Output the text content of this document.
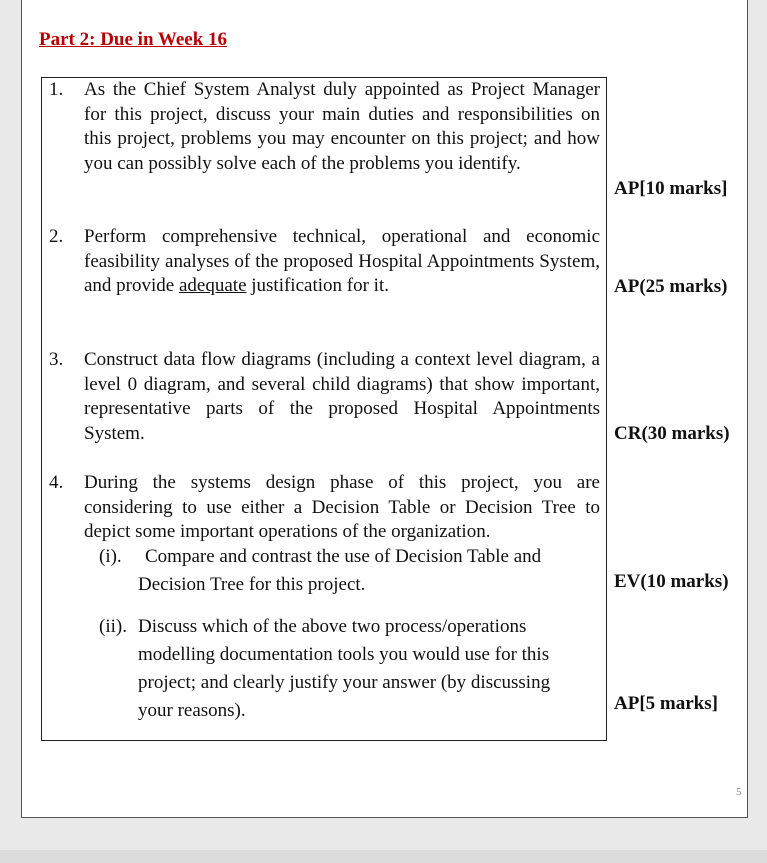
Part 2: Due in Week 16
1. As the Chief System Analyst duly appointed as Project Manager for this project, discuss your main duties and responsibilities on this project, problems you may encounter on this project; and how you can possibly solve each of the problems you identify.
2. Perform comprehensive technical, operational and economic feasibility analyses of the proposed Hospital Appointments System, and provide adequate justification for it.
3. Construct data flow diagrams (including a context level diagram, a level 0 diagram, and several child diagrams) that show important, representative parts of the proposed Hospital Appointments System.
4. During the systems design phase of this project, you are considering to use either a Decision Table or Decision Tree to depict some important operations of the organization.
(i).	Compare and contrast the use of Decision Table and Decision Tree for this project.
(ii). Discuss which of the above two process/operations modelling documentation tools you would use for this project; and clearly justify your answer (by discussing your reasons).
AP[10 marks]
AP(25 marks)
CR(30 marks)
EV(10 marks)
AP[5 marks]
5
